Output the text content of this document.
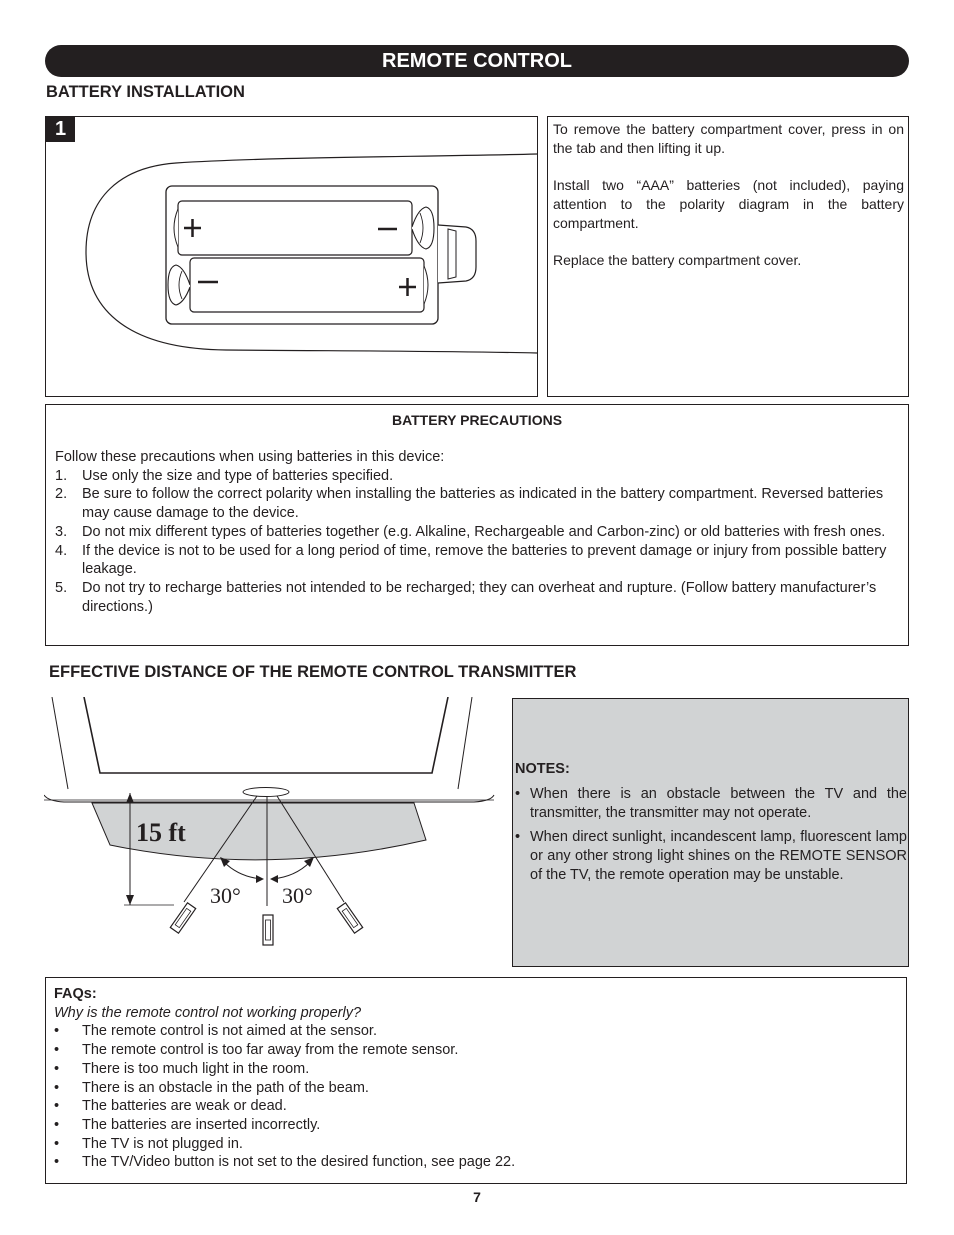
REMOTE CONTROL
BATTERY INSTALLATION
1	To remove the battery compartment cover, press in on the tab and then lifting it up.

Install two “AAA” batteries (not included), paying attention to the polarity diagram in the battery compartment.

Replace the battery compartment cover.

BATTERY PRECAUTIONS
Follow these precautions when using batteries in this device:
1.	Use only the size and type of batteries specified.
2.	Be sure to follow the correct polarity when installing the batteries as indicated in the battery compartment. Reversed batteries may cause damage to the device.
3.	Do not mix different types of batteries together (e.g. Alkaline, Rechargeable and Carbon-zinc) or old batteries with fresh ones.
4.	If the device is not to be used for a long period of time, remove the batteries to prevent damage or injury from possible battery leakage.
5.	Do not try to recharge batteries not intended to be recharged; they can overheat and rupture. (Follow battery manufacturer’s directions.)
EFFECTIVE DISTANCE OF THE REMOTE CONTROL TRANSMITTER
15 ft
30° 30°
NOTES:
• When there is an obstacle between the TV and the transmitter, the transmitter may not operate.
• When direct sunlight, incandescent lamp, fluorescent lamp or any other strong light shines on the REMOTE SENSOR of the TV, the remote operation may be unstable.
FAQs:
Why is the remote control not working properly?
•	The remote control is not aimed at the sensor.
•	The remote control is too far away from the remote sensor.
•	There is too much light in the room.
•	There is an obstacle in the path of the beam.
•	The batteries are weak or dead.
•	The batteries are inserted incorrectly.
•	The TV is not plugged in.
•	The TV/Video button is not set to the desired function, see page 22.
7
